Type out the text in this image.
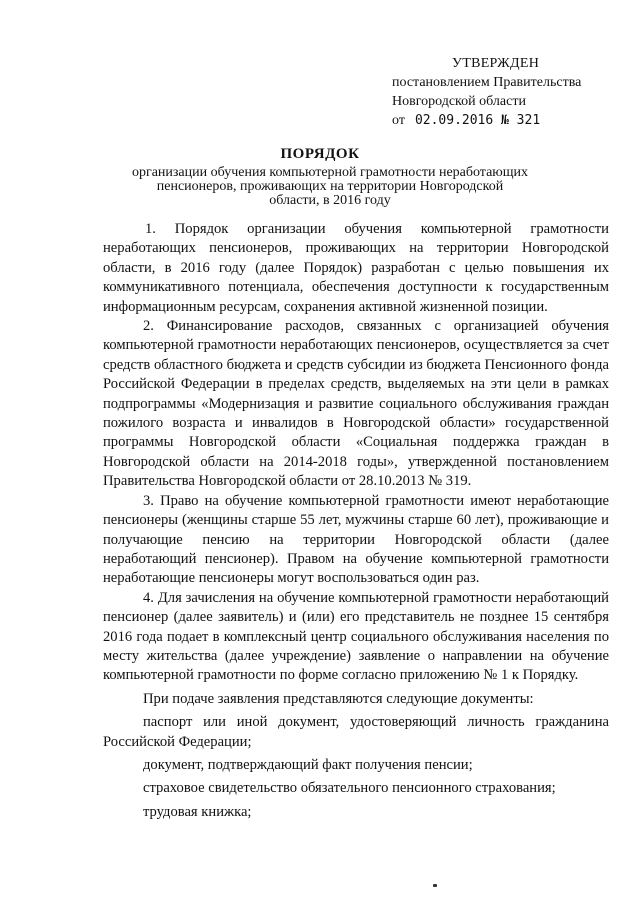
УТВЕРЖДЕН
постановлением Правительства
Новгородской области
от 02.09.2016 № 321
ПОРЯДОК
организации обучения компьютерной грамотности неработающих пенсионеров, проживающих на территории Новгородской области, в 2016 году

1. Порядок организации обучения компьютерной грамотности неработающих пенсионеров, проживающих на территории Новгородской области, в 2016 году (далее Порядок) разработан с целью повышения их коммуникативного потенциала, обеспечения доступности к государственным информационным ресурсам, сохранения активной жизненной позиции.

2. Финансирование расходов, связанных с организацией обучения компьютерной грамотности неработающих пенсионеров, осуществляется за счет средств областного бюджета и средств субсидии из бюджета Пенсионного фонда Российской Федерации в пределах средств, выделяемых на эти цели в рамках подпрограммы «Модернизация и развитие социального обслуживания граждан пожилого возраста и инвалидов в Новгородской области» государственной программы Новгородской области «Социальная поддержка граждан в Новгородской области на 2014-2018 годы», утвержденной постановлением Правительства Новгородской области от 28.10.2013 № 319.

3. Право на обучение компьютерной грамотности имеют неработающие пенсионеры (женщины старше 55 лет, мужчины старше 60 лет), проживающие и получающие пенсию на территории Новгородской области (далее неработающий пенсионер). Правом на обучение компьютерной грамотности неработающие пенсионеры могут воспользоваться один раз.

4. Для зачисления на обучение компьютерной грамотности неработающий пенсионер (далее заявитель) и (или) его представитель не позднее 15 сентября 2016 года подает в комплексный центр социального обслуживания населения по месту жительства (далее учреждение) заявление о направлении на обучение компьютерной грамотности по форме согласно приложению № 1 к Порядку.

При подаче заявления представляются следующие документы:

паспорт или иной документ, удостоверяющий личность гражданина Российской Федерации;

документ, подтверждающий факт получения пенсии;

страховое свидетельство обязательного пенсионного страхования;

трудовая книжка;
